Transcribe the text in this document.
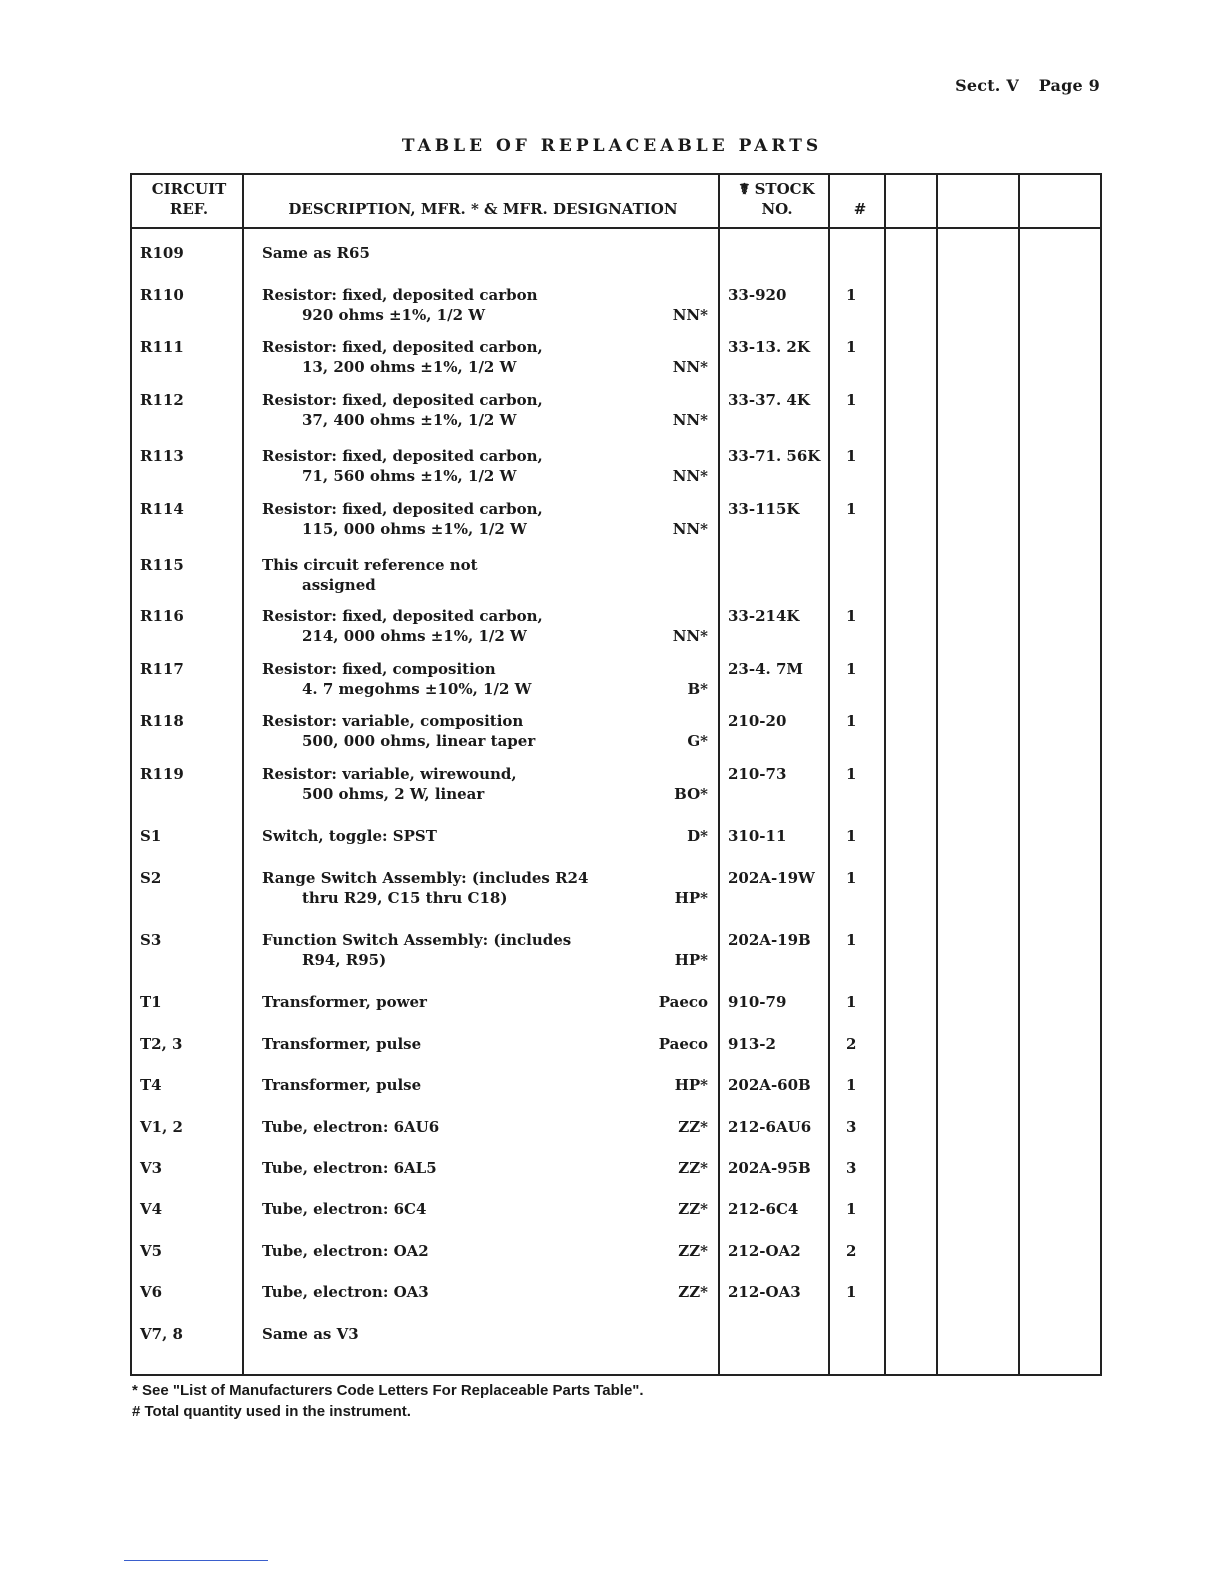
Sect. V Page 9
TABLE OF REPLACEABLE PARTS
CIRCUIT
REF.	DESCRIPTION, MFR. * & MFR. DESIGNATION
☤ STOCK
NO.	#
R109	Same as R65
R110	Resistor: fixed, deposited carbon
920 ohms ±1%, 1/2 W	NN*
33-920	1
R111	Resistor: fixed, deposited carbon,
13, 200 ohms ±1%, 1/2 W	NN*
33-13. 2K	1
R112	Resistor: fixed, deposited carbon,
37, 400 ohms ±1%, 1/2 W	NN*
33-37. 4K	1
R113	Resistor: fixed, deposited carbon,
71, 560 ohms ±1%, 1/2 W	NN*
33-71. 56K	1
R114	Resistor: fixed, deposited carbon,
115, 000 ohms ±1%, 1/2 W	NN*
33-115K	1
R115	This circuit reference not
assigned
R116	Resistor: fixed, deposited carbon,
214, 000 ohms ±1%, 1/2 W	NN*
33-214K	1
R117	Resistor: fixed, composition
4. 7 megohms ±10%, 1/2 W	B*
23-4. 7M	1
R118	Resistor: variable, composition
500, 000 ohms, linear taper	G*
210-20	1
R119	Resistor: variable, wirewound,
500 ohms, 2 W, linear	BO*
210-73	1
S1	Switch, toggle: SPST	D* 310-11	1
S2	Range Switch Assembly: (includes R24
thru R29, C15 thru C18)	HP*
202A-19W	1
S3	Function Switch Assembly: (includes
R94, R95)	HP*
202A-19B	1
T1	Transformer, power	Paeco 910-79	1
T2, 3	Transformer, pulse	Paeco 913-2	2
T4	Transformer, pulse	HP* 202A-60B	1
V1, 2	Tube, electron: 6AU6	ZZ* 212-6AU6	3
V3	Tube, electron: 6AL5	ZZ* 202A-95B	3
V4	Tube, electron: 6C4	ZZ* 212-6C4	1
V5	Tube, electron: OA2	ZZ* 212-OA2	2
V6	Tube, electron: OA3	ZZ* 212-OA3	1
V7, 8	Same as V3
* See "List of Manufacturers Code Letters For Replaceable Parts Table".
# Total quantity used in the instrument.
